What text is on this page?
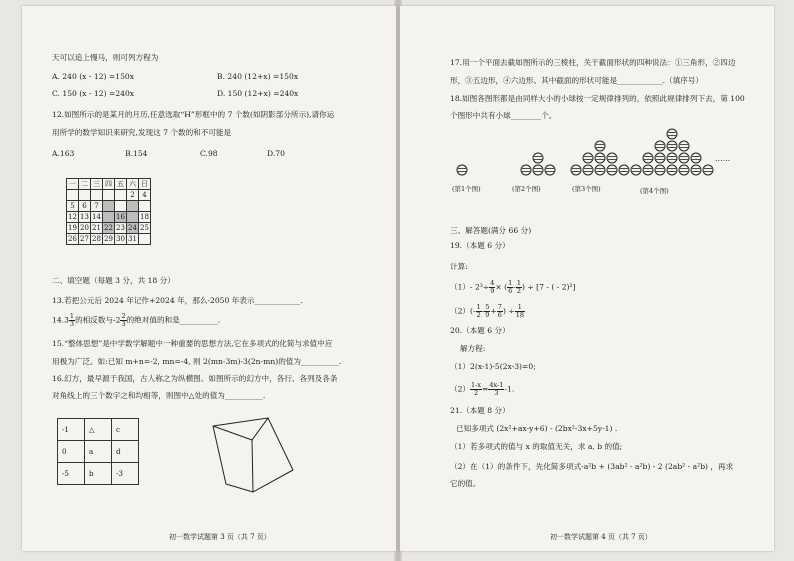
天可以追上慢马，则可列方程为
A. 240 (x - 12) =150x	B. 240 (12+x) =150x
C. 150 (x - 12) =240x	D. 150 (12+x) =240x
12.如图所示的是某月的月历,任意选取“H”形框中的 7 个数(如阴影部分所示),请你运
用所学的数学知识来研究,发现这 7 个数的和不可能是
A.163	B.154	C.98	D.70
一	二	三	四	五	六	日
					2	4
5	6	7				
12	13	14		16		18
19	20	21	22	23	24	25
26	27	28	29	30	31	
二、填空题（每题 3 分，共 18 分）
13.若把公元后 2024 年记作+2024 年，那么-2050 年表示____________.
$14.3 \frac{1}{3}$ 的相反数与$-2 \frac{2}{3}$ 的绝对值的和是__________.
15.“整体思想”是中学数学解题中一种重要的思想方法,它在多项式的化简与求值中应
用极为广泛。如:已知 m+n=-2, mn=-4, 则 2(mn-3m)-3(2n-mn)的值为__________.
16.幻方，最早源于我国，古人称之为纵横图。如图所示的幻方中，各行、各列及各条
对角线上的三个数字之和均相等，则图中△处的值为__________.
-1	△	c
0	a	d
-5	b	-3
初一数学试题第 3 页（共 7 页）
17.用一个平面去截如图所示的三棱柱，关于截面形状的四种说法：①三角形，②四边
形，③五边形，④六边形。其中截面的形状可能是____________.（填序号）
18.如图各图形都是由同样大小的小球按一定规律排列的，依照此规律排列下去，第 100
个图形中共有小球________个。
(第1个图)	(第2个图)	(第3个图)	(第4个图)
……
三、解答题(满分 66 分)
19.（本题 6 分）
计算:
（1）- $2^3\div \frac{4}{9}$ × ( $\frac{1}{6} - \frac{1}{2}$ ) ÷ [7 - ( - 2)²]
$(2)(- \frac{1}{2} - \frac{5}{9} + \frac{7}{6}$ ) ÷ $\frac{1}{18}$
20.（本题 6 分）
解方程:
（1）2(x-1)-5(2x-3)=0;
$(2) \frac{1-x}{2} = \frac{4x-1}{3} -1$.
21.（本题 8 分）
已知多项式 (2x²+ax-y+6) - (2bx²-3x+5y-1) .
（1）若多项式的值与 x 的取值无关，求 a, b 的值;
（2）在（1）的条件下，先化简多项式-a²b + (3ab² - a²b) - 2 (2ab² - a²b) ，再求
它的值。
初一数学试题第 4 页（共 7 页）
